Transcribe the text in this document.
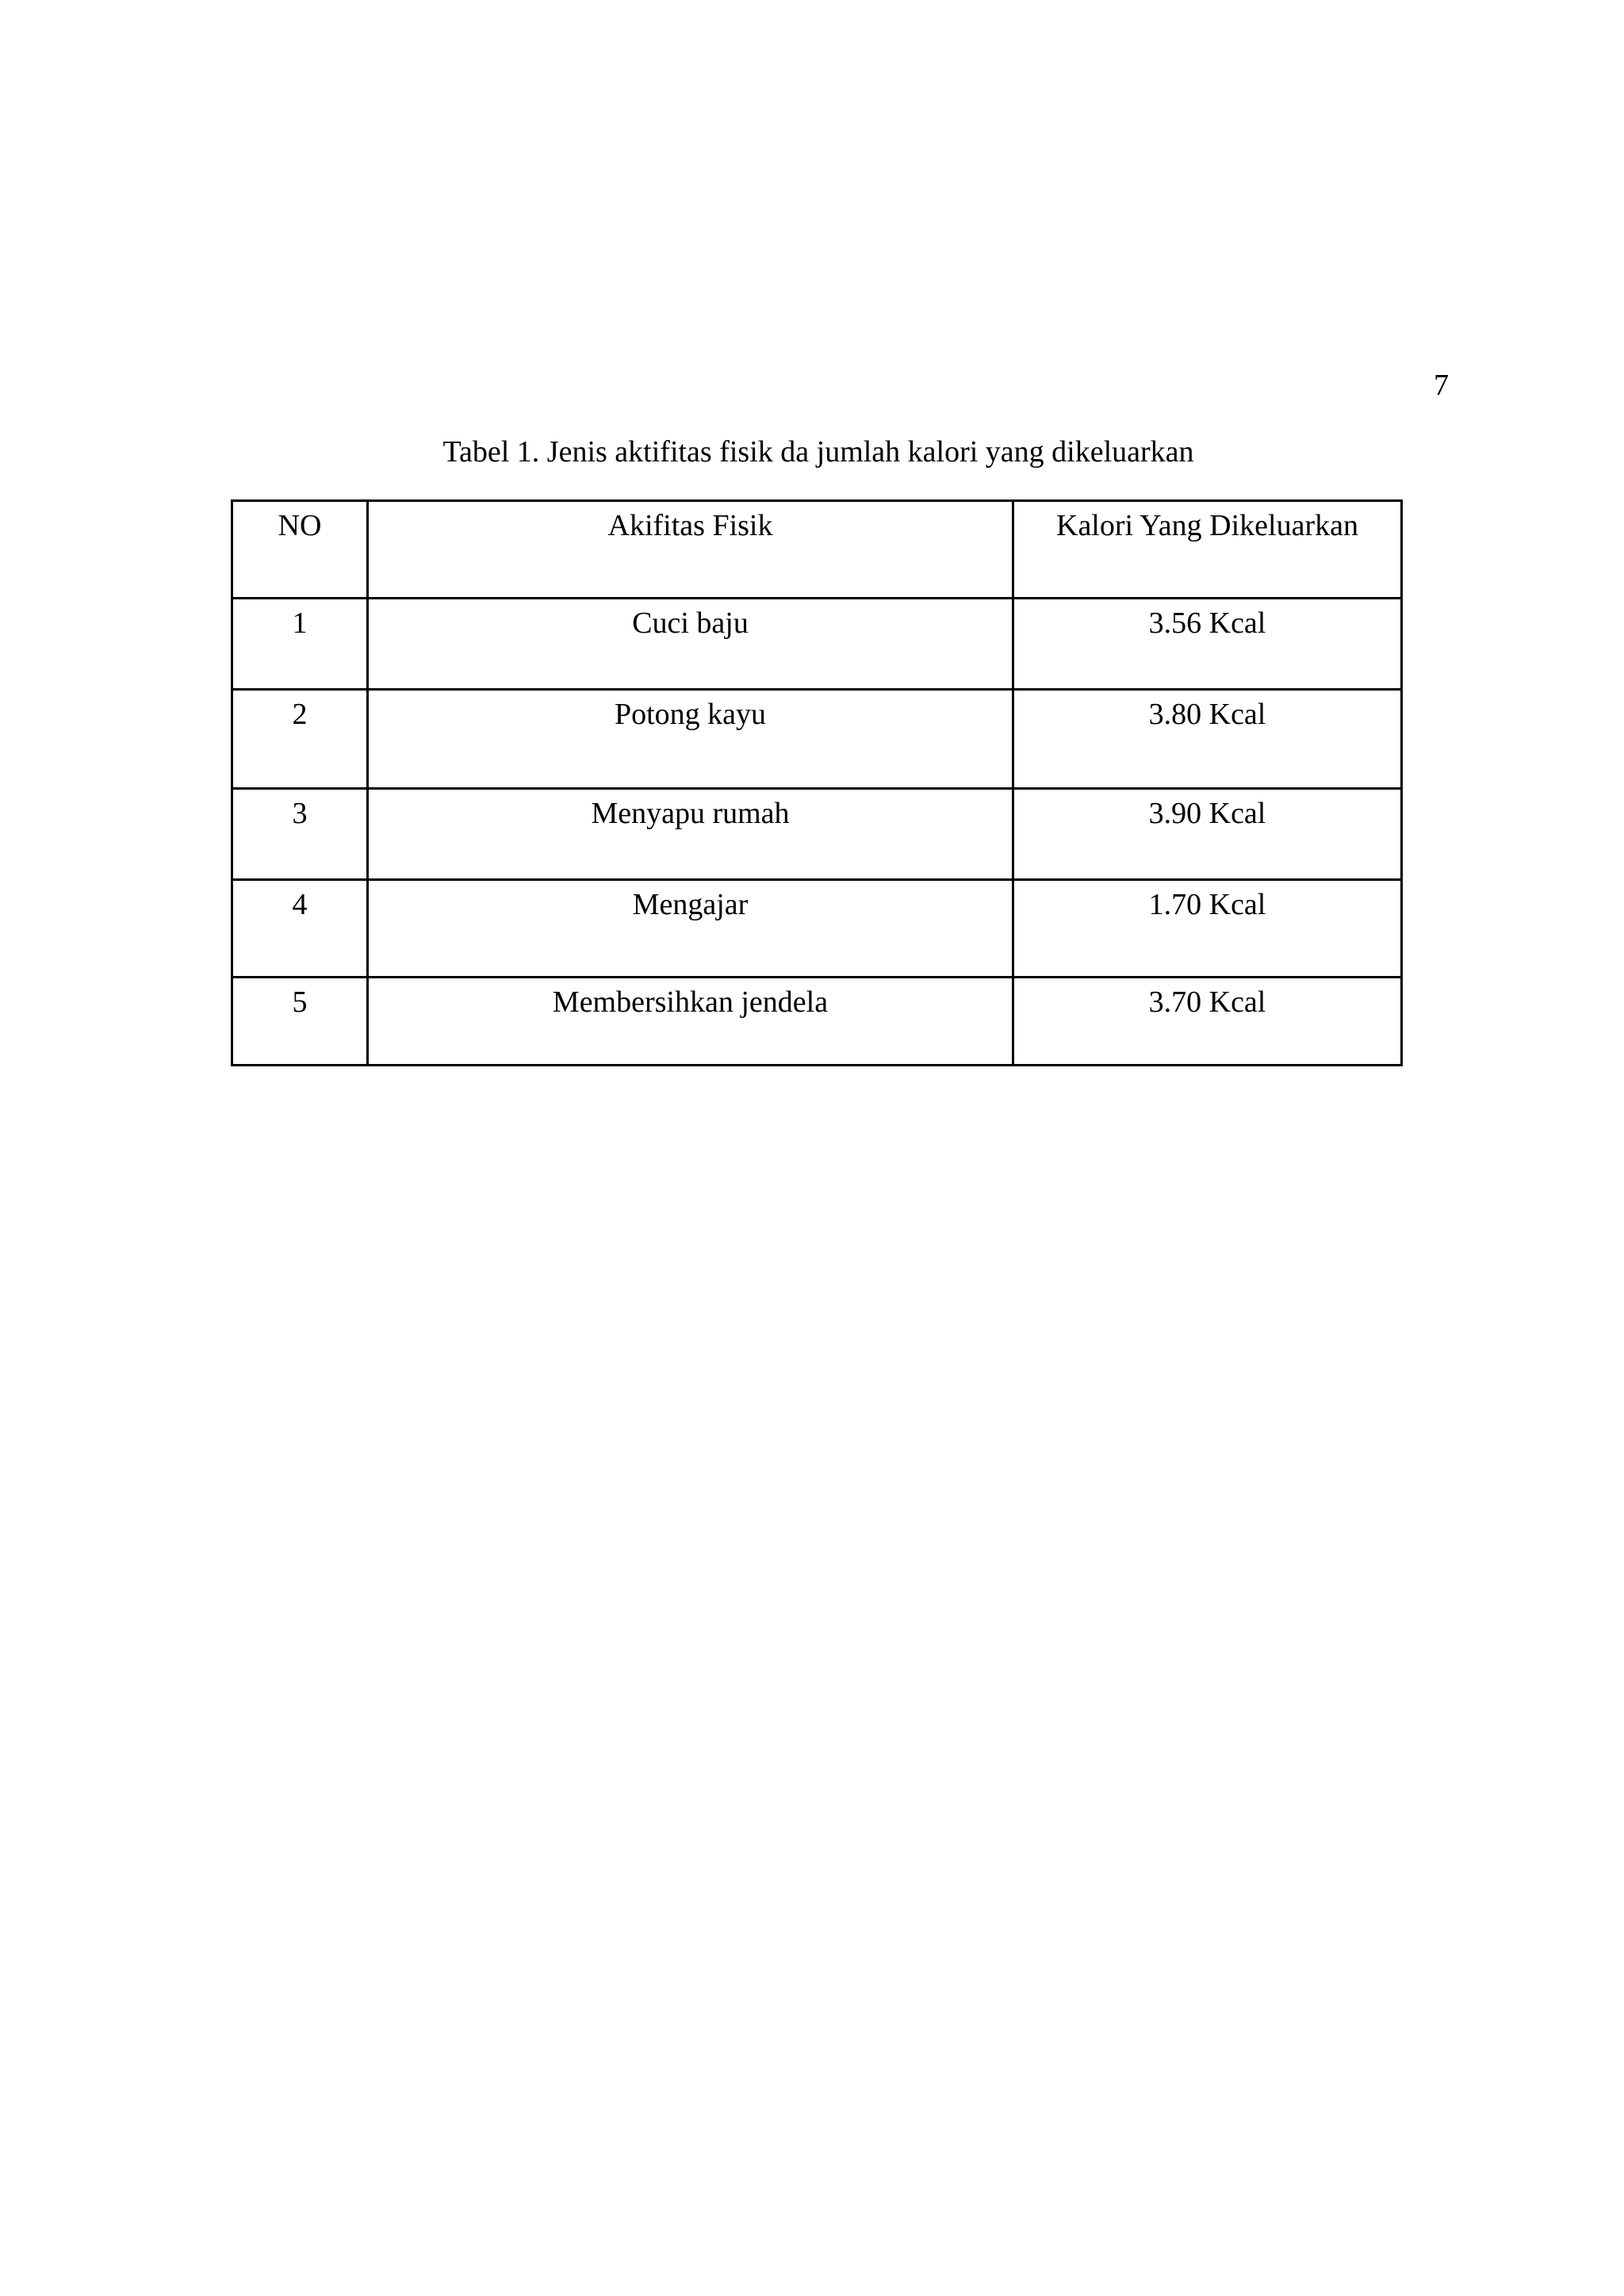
7
Tabel 1. Jenis aktifitas fisik da jumlah kalori yang dikeluarkan
NO	Akifitas Fisik	Kalori Yang Dikeluarkan
1	Cuci baju	3.56 Kcal
2	Potong kayu	3.80 Kcal
3	Menyapu rumah	3.90 Kcal
4	Mengajar	1.70 Kcal
5	Membersihkan jendela	3.70 Kcal
